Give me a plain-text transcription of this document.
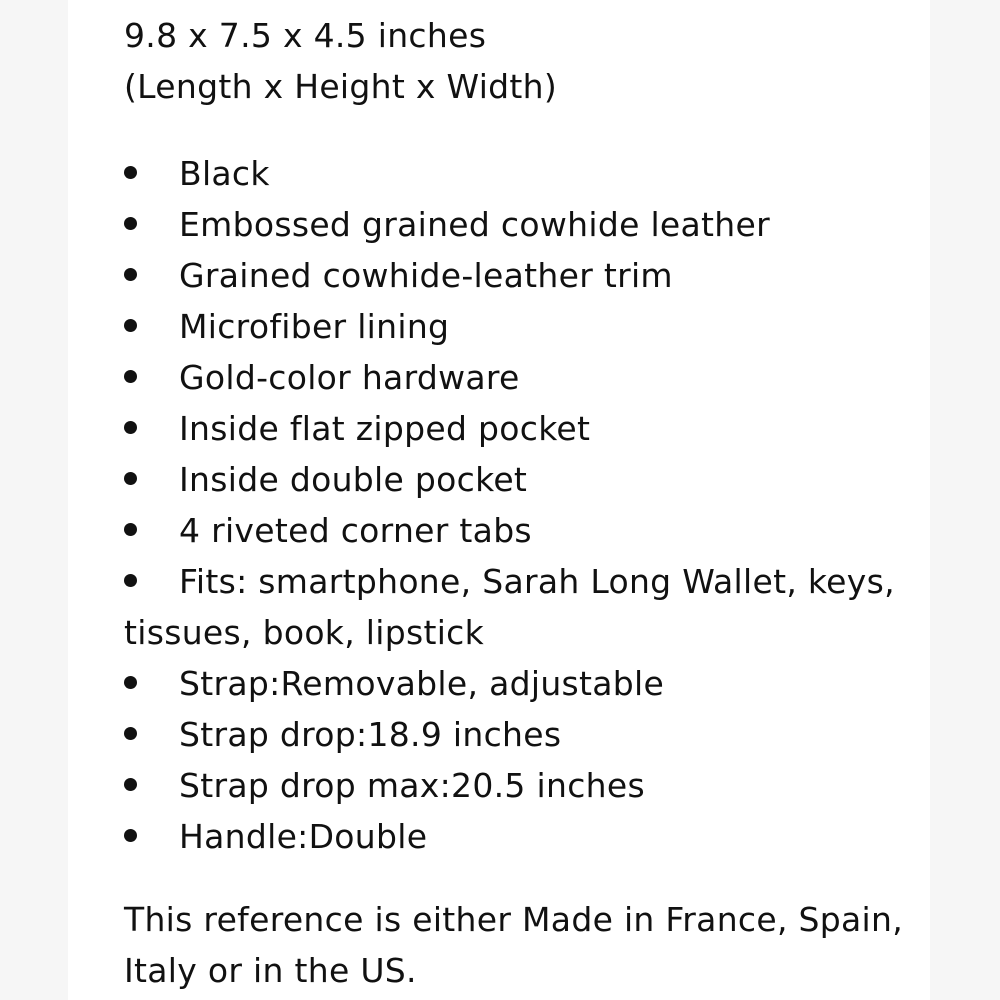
9.8 x 7.5 x 4.5 inches
(Length x Height x Width)
Black
Embossed grained cowhide leather
Grained cowhide-leather trim
Microfiber lining
Gold-color hardware
Inside flat zipped pocket
Inside double pocket
4 riveted corner tabs
Fits: smartphone, Sarah Long Wallet, keys,
tissues, book, lipstick
Strap:Removable, adjustable
Strap drop:18.9 inches
Strap drop max:20.5 inches
Handle:Double
This reference is either Made in France, Spain,
Italy or in the US.
